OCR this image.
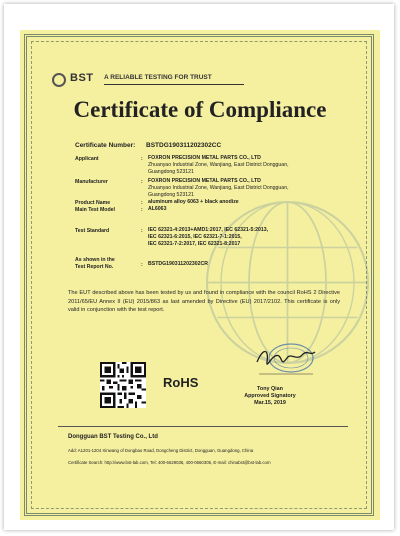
BST A RELIABLE TESTING FOR TRUST
Certificate of Compliance
Certificate Number: BSTDG190311202302CC
Applicant	: FOXRON PRECISION METAL PARTS CO., LTD
Zhuanyao Industrial Zone, Wanjiang, East District Dongguan,
Guangdong 523121
Manufacturer	: FOXRON PRECISION METAL PARTS CO., LTD
Zhuanyao Industrial Zone, Wanjiang, East District Dongguan,
Guangdong 523121
Product Name	: aluminum alloy 6063 + black anodize
Main Test Model	: AL6063
Test Standard	: IEC 62321-4:2013+AMD1:2017, IEC 62321-5:2013,
IEC 62321-6:2015, IEC 62321-7-1:2015,
IEC 62321-7-2:2017, IEC 62321-8:2017
As shown in the
Test Report No.	: BSTDG190311202302CR
The EUT described above has been tested by us and found in compliance with the council RoHS 2 Directive 2011/65/EU Annex II (EU) 2015/863 as last amended by Directive (EU) 2017/2102. This certificate is only valid in conjunction with the test report.
RoHS	Tony Qian
Approved Signatory
Mar.15, 2019
Dongguan BST Testing Co., Ltd
Add: A1201-1204 Xinwang of Dongbao Road, Dongcheng District, Dongguan, Guangdong, China
Certificate Search: http://www.bst-lab.com, Tel: 400-6629036, 400-0660305, E-mail: chinabst@bst-lab.com
